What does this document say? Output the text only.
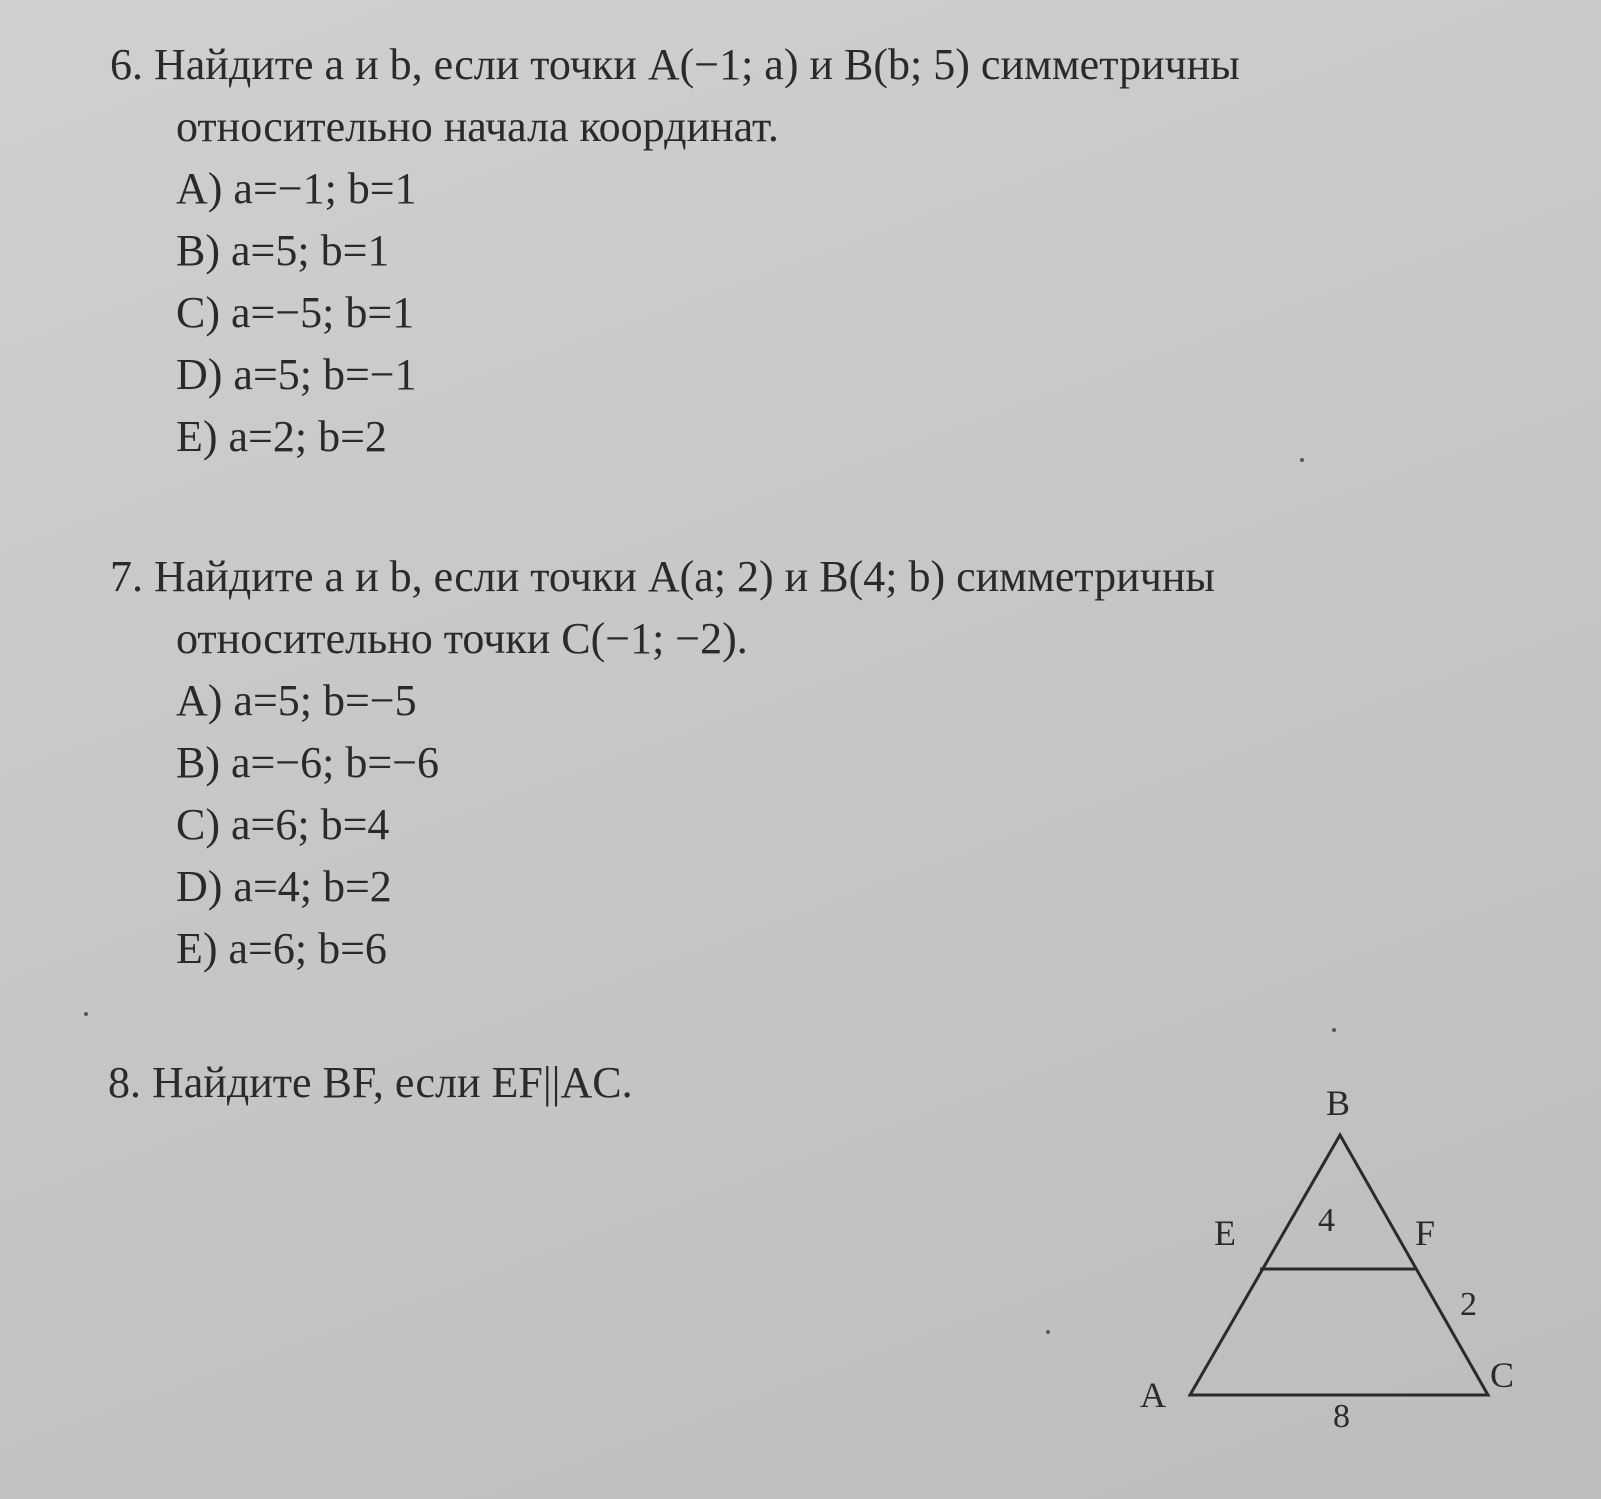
6. Найдите a и b, если точки A(−1; a) и B(b; 5) симметричны
относительно начала координат.

A) a=−1; b=1
B) a=5; b=1
C) a=−5; b=1
D) a=5; b=−1
E) a=2; b=2

7. Найдите a и b, если точки A(a; 2) и B(4; b) симметричны
относительно точки C(−1; −2).

A) a=5; b=−5
B) a=−6; b=−6
C) a=6; b=4
D) a=4; b=2
E) a=6; b=6

8. Найдите BF, если EF||AC.	B
E	F
A	C
4
2
8
